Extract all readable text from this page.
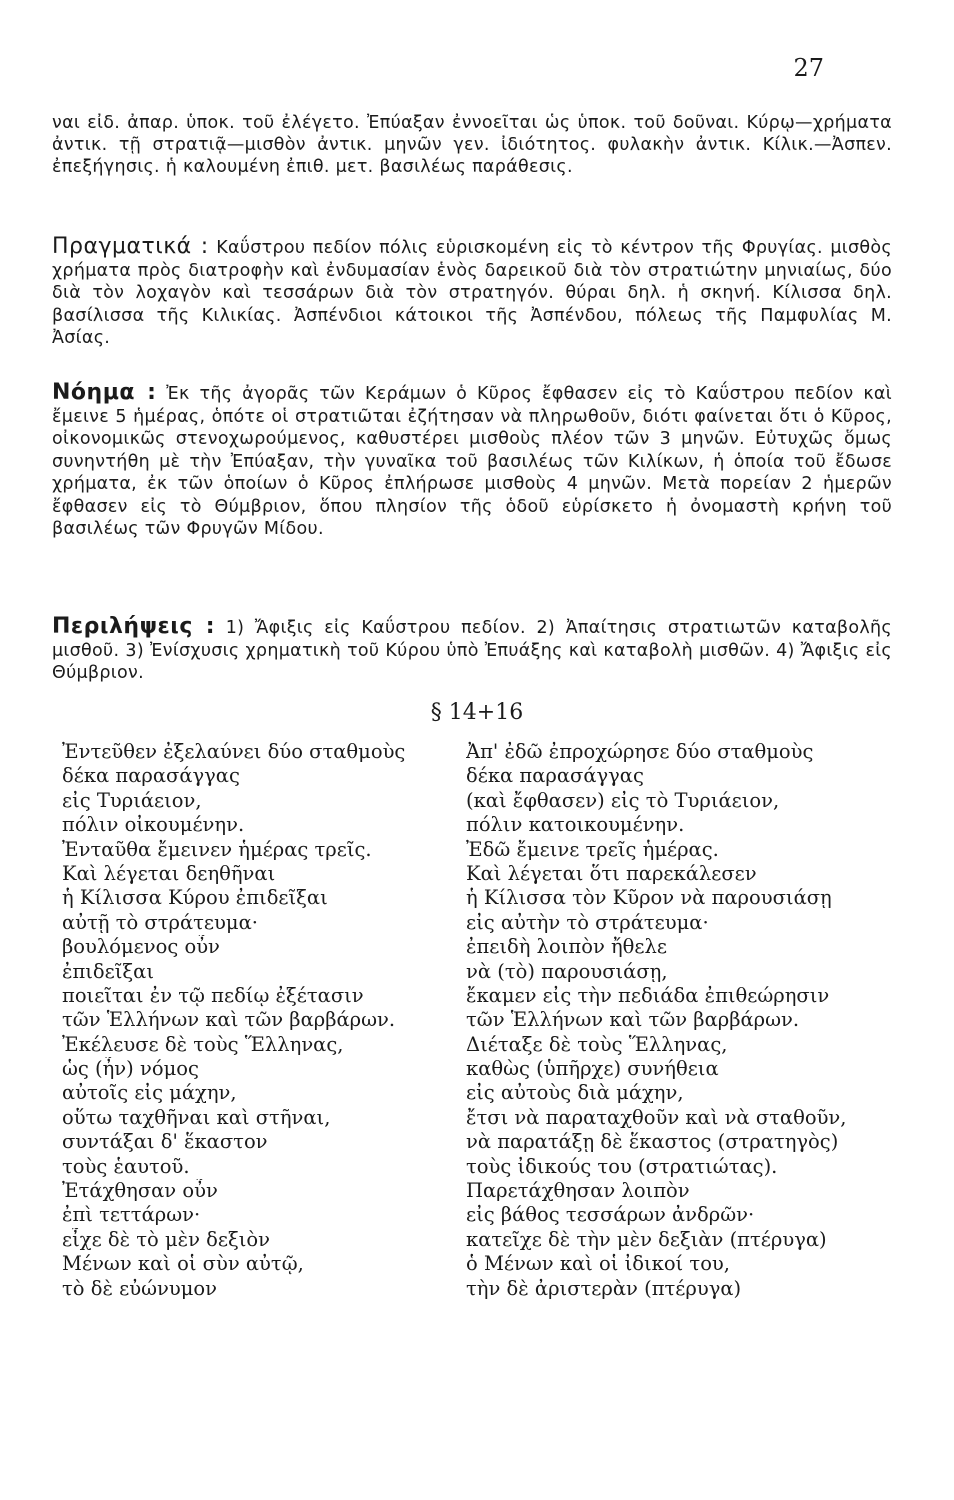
27

ναι εἰδ. ἀπαρ. ὑποκ. τοῦ ἐλέγετο. Ἐπύαξαν ἐννοεῖται ὡς ὑποκ. τοῦ δοῦναι. Κύρῳ—χρήματα ἀντικ. τῇ στρατιᾷ—μισθὸν ἀντικ. μηνῶν γεν. ἰδιότητος. φυλακὴν ἀντικ. Κίλικ.—Ἀσπεν. ἐπεξήγησις. ἡ καλουμένη ἐπιθ. μετ. βασιλέως παράθεσις.

Πραγματικά : Καΰστρου πεδίον πόλις εὑρισκομένη εἰς τὸ κέντρον τῆς Φρυγίας. μισθὸς χρήματα πρὸς διατροφὴν καὶ ἐνδυμασίαν ἑνὸς δαρεικοῦ διὰ τὸν στρατιώτην μηνιαίως, δύο διὰ τὸν λοχαγὸν καὶ τεσσάρων διὰ τὸν στρατηγόν. θύραι δηλ. ἡ σκηνή. Κίλισσα δηλ. βασίλισσα τῆς Κιλικίας. Ἀσπένδιοι κάτοικοι τῆς Ἀσπένδου, πόλεως τῆς Παμφυλίας Μ. Ἀσίας.

Νόημα : Ἐκ τῆς ἀγορᾶς τῶν Κεράμων ὁ Κῦρος ἔφθασεν εἰς τὸ Καΰστρου πεδίον καὶ ἔμεινε 5 ἡμέρας, ὁπότε οἱ στρατιῶται ἐζήτησαν νὰ πληρωθοῦν, διότι φαίνεται ὅτι ὁ Κῦρος, οἰκονομικῶς στενοχωρούμενος, καθυστέρει μισθοὺς πλέον τῶν 3 μηνῶν. Εὐτυχῶς ὅμως συνηντήθη μὲ τὴν Ἐπύαξαν, τὴν γυναῖκα τοῦ βασιλέως τῶν Κιλίκων, ἡ ὁποία τοῦ ἔδωσε χρήματα, ἐκ τῶν ὁποίων ὁ Κῦρος ἐπλήρωσε μισθοὺς 4 μηνῶν. Μετὰ πορείαν 2 ἡμερῶν ἔφθασεν εἰς τὸ Θύμβριον, ὅπου πλησίον τῆς ὁδοῦ εὑρίσκετο ἡ ὀνομαστὴ κρήνη τοῦ βασιλέως τῶν Φρυγῶν Μίδου.

Περιλήψεις : 1) Ἄφιξις εἰς Καΰστρου πεδίον. 2) Ἀπαίτησις στρατιωτῶν καταβολῆς μισθοῦ. 3) Ἐνίσχυσις χρηματικὴ τοῦ Κύρου ὑπὸ Ἐπυάξης καὶ καταβολὴ μισθῶν. 4) Ἄφιξις εἰς Θύμβριον.

§ 14+16
Ἐντεῦθεν ἐξελαύνει δύο σταθμοὺς
δέκα παρασάγγας
εἰς Τυριάειον,
πόλιν οἰκουμένην.
Ἐνταῦθα ἔμεινεν ἡμέρας τρεῖς.
Καὶ λέγεται δεηθῆναι
ἡ Κίλισσα Κύρου ἐπιδεῖξαι
αὐτῇ τὸ στράτευμα·
βουλόμενος οὖν
ἐπιδεῖξαι
ποιεῖται ἐν τῷ πεδίῳ ἐξέτασιν
τῶν Ἑλλήνων καὶ τῶν βαρβάρων.
Ἐκέλευσε δὲ τοὺς Ἕλληνας,
ὡς (ἦν) νόμος
αὐτοῖς εἰς μάχην,
οὕτω ταχθῆναι καὶ στῆναι,
συντάξαι δ' ἕκαστον
τοὺς ἑαυτοῦ.
Ἐτάχθησαν οὖν
ἐπὶ τεττάρων·
εἶχε δὲ τὸ μὲν δεξιὸν
Μένων καὶ οἱ σὺν αὐτῷ,
τὸ δὲ εὐώνυμον
Ἀπ' ἐδῶ ἐπροχώρησε δύο σταθμοὺς
δέκα παρασάγγας
(καὶ ἔφθασεν) εἰς τὸ Τυριάειον,
πόλιν κατοικουμένην.
Ἐδῶ ἔμεινε τρεῖς ἡμέρας.
Καὶ λέγεται ὅτι παρεκάλεσεν
ἡ Κίλισσα τὸν Κῦρον νὰ παρουσιάσῃ
εἰς αὐτὴν τὸ στράτευμα·
ἐπειδὴ λοιπὸν ἤθελε
νὰ (τὸ) παρουσιάσῃ,
ἔκαμεν εἰς τὴν πεδιάδα ἐπιθεώρησιν
τῶν Ἑλλήνων καὶ τῶν βαρβάρων.
Διέταξε δὲ τοὺς Ἕλληνας,
καθὼς (ὑπῆρχε) συνήθεια
εἰς αὐτοὺς διὰ μάχην,
ἔτσι νὰ παραταχθοῦν καὶ νὰ σταθοῦν,
νὰ παρατάξῃ δὲ ἕκαστος (στρατηγὸς)
τοὺς ἰδικούς του (στρατιώτας).
Παρετάχθησαν λοιπὸν
εἰς βάθος τεσσάρων ἀνδρῶν·
κατεῖχε δὲ τὴν μὲν δεξιὰν (πτέρυγα)
ὁ Μένων καὶ οἱ ἰδικοί του,
τὴν δὲ ἀριστερὰν (πτέρυγα)
